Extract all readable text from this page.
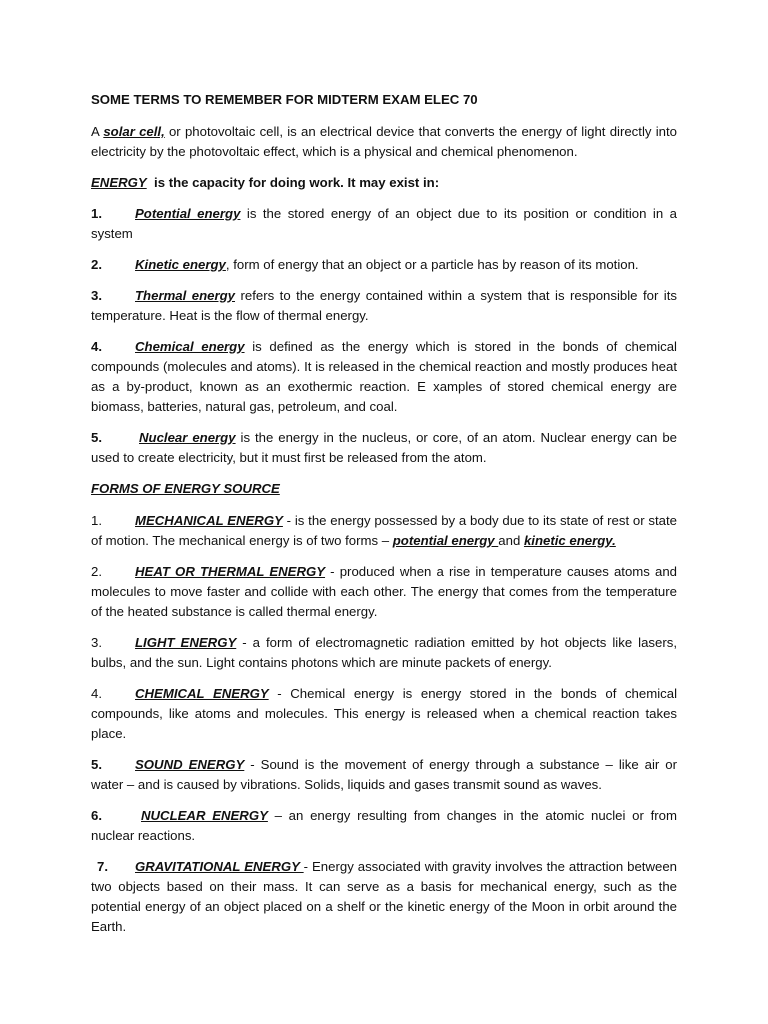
SOME TERMS TO REMEMBER FOR MIDTERM EXAM ELEC 70
A solar cell, or photovoltaic cell, is an electrical device that converts the energy of light directly into electricity by the photovoltaic effect, which is a physical and chemical phenomenon.
ENERGY  is the capacity for doing work. It may exist in:
1.	Potential energy is the stored energy of an object due to its position or condition in a system
2.	Kinetic energy, form of energy that an object or a particle has by reason of its motion.
3.	Thermal energy refers to the energy contained within a system that is responsible for its temperature. Heat is the flow of thermal energy.
4.	Chemical energy is defined as the energy which is stored in the bonds of chemical compounds (molecules and atoms). It is released in the chemical reaction and mostly produces heat as a by-product, known as an exothermic reaction. E xamples of stored chemical energy are biomass, batteries, natural gas, petroleum, and coal.
5.	Nuclear energy is the energy in the nucleus, or core, of an atom. Nuclear energy can be used to create electricity, but it must first be released from the atom.
FORMS OF ENERGY SOURCE
1.	MECHANICAL ENERGY - is the energy possessed by a body due to its state of rest or state of motion. The mechanical energy is of two forms – potential energy and kinetic energy.
2.	HEAT OR THERMAL ENERGY - produced when a rise in temperature causes atoms and molecules to move faster and collide with each other. The energy that comes from the temperature of the heated substance is called thermal energy.
3.	LIGHT ENERGY - a form of electromagnetic radiation emitted by hot objects like lasers, bulbs, and the sun. Light contains photons which are minute packets of energy.
4.	CHEMICAL ENERGY - Chemical energy is energy stored in the bonds of chemical compounds, like atoms and molecules. This energy is released when a chemical reaction takes place.
5.	SOUND ENERGY - Sound is the movement of energy through a substance – like air or water – and is caused by vibrations. Solids, liquids and gases transmit sound as waves.
6.	NUCLEAR ENERGY – an energy resulting from changes in the atomic nuclei or from nuclear reactions.
7. GRAVITATIONAL ENERGY - Energy associated with gravity involves the attraction between two objects based on their mass. It can serve as a basis for mechanical energy, such as the potential energy of an object placed on a shelf or the kinetic energy of the Moon in orbit around the Earth.
